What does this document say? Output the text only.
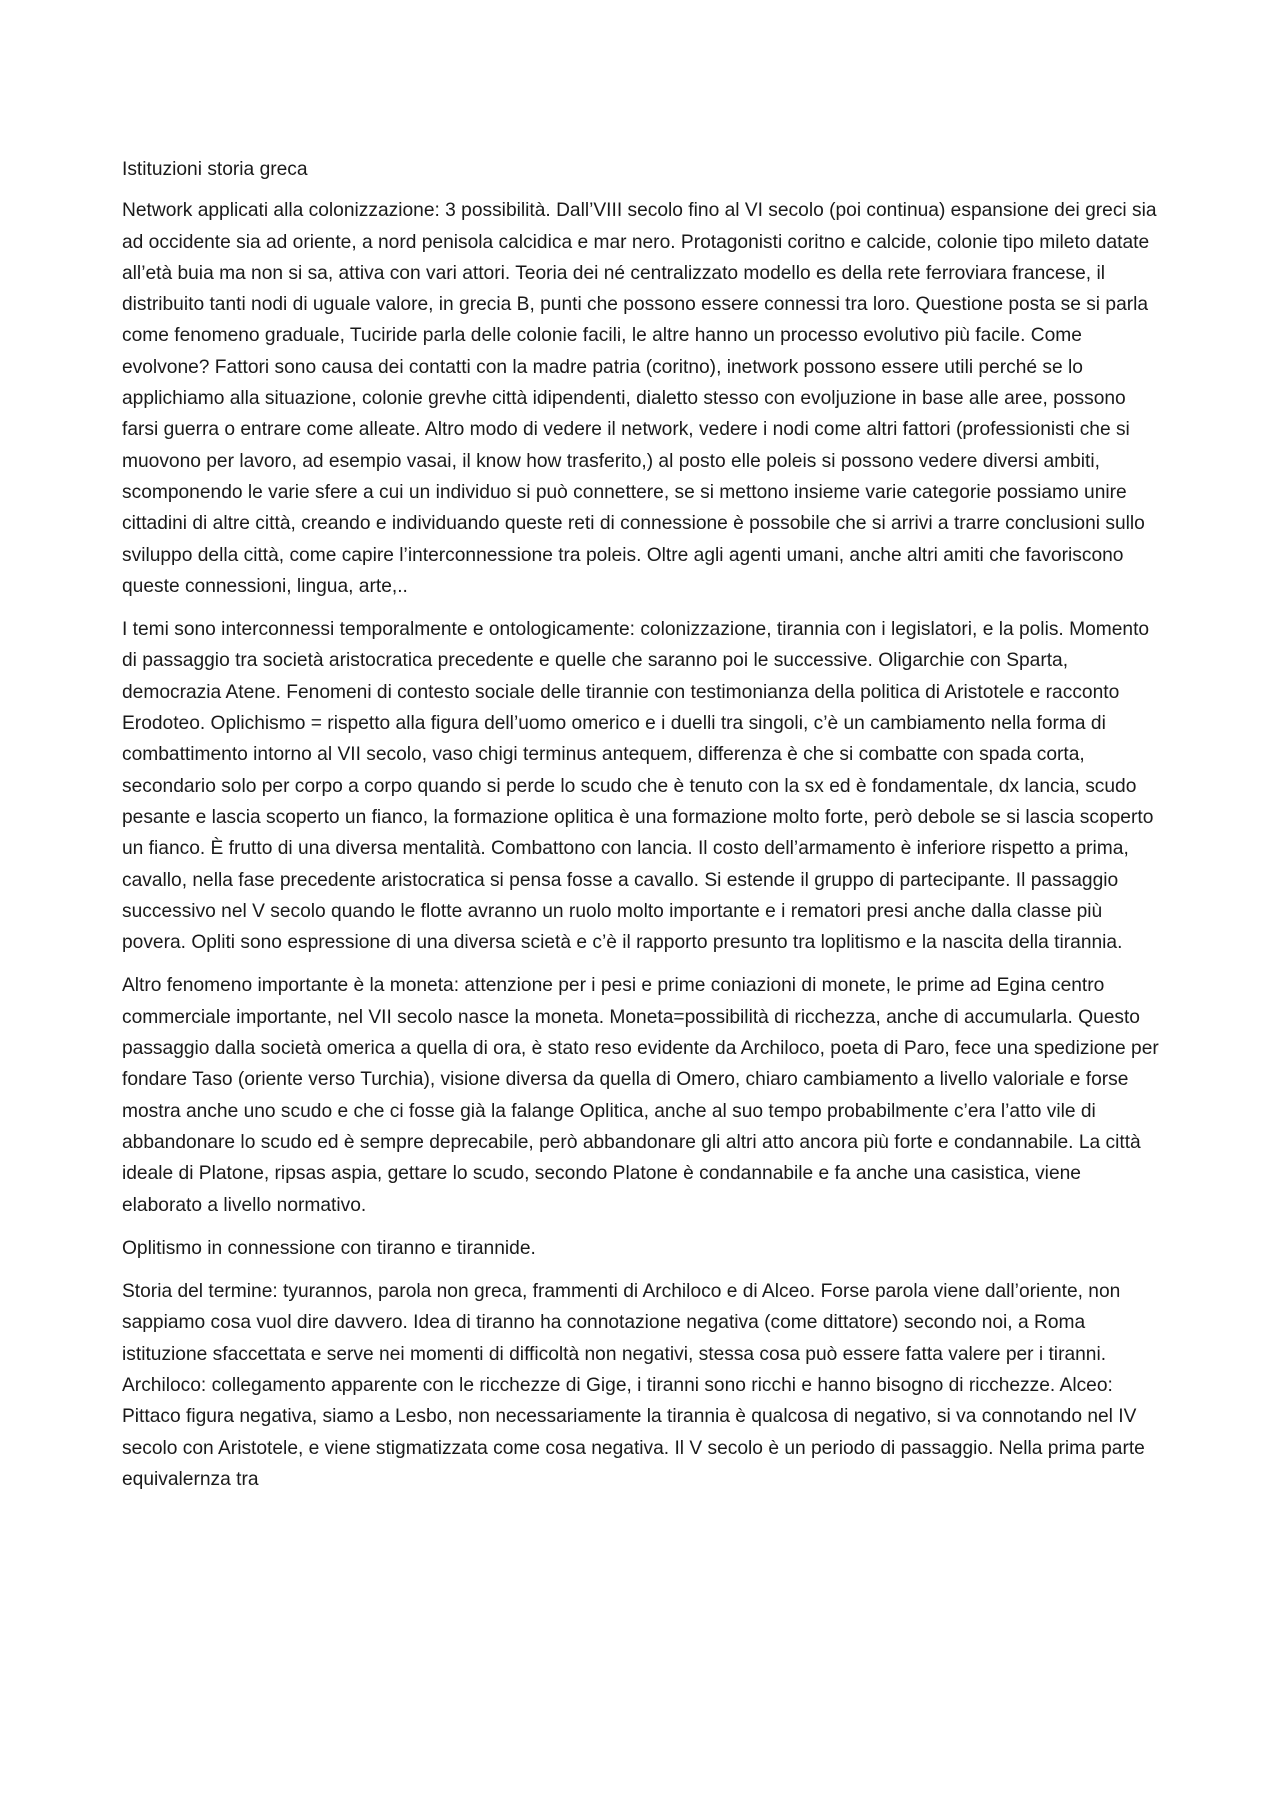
Istituzioni storia greca

Network applicati alla colonizzazione: 3 possibilità. Dall’VIII secolo fino al VI secolo (poi continua) espansione dei greci sia ad occidente sia ad oriente, a nord penisola calcidica e mar nero. Protagonisti coritno e calcide, colonie tipo mileto datate all’età buia ma non si sa, attiva con vari attori. Teoria dei né centralizzato modello es della rete ferroviara francese, il distribuito tanti nodi di uguale valore, in grecia B, punti che possono essere connessi tra loro. Questione posta se si parla come fenomeno graduale, Tuciride parla delle colonie facili, le altre hanno un processo evolutivo più facile. Come evolvone? Fattori sono causa dei contatti con la madre patria (coritno), inetwork possono essere utili perché se lo applichiamo alla situazione, colonie grevhe città idipendenti, dialetto stesso con evoljuzione in base alle aree, possono farsi guerra o entrare come alleate. Altro modo di vedere il network, vedere i nodi come altri fattori (professionisti che si muovono per lavoro, ad esempio vasai, il know how trasferito,) al posto elle poleis si possono vedere diversi ambiti, scomponendo le varie sfere a cui un individuo si può connettere, se si mettono insieme varie categorie possiamo unire cittadini di altre città, creando e individuando queste reti di connessione è possobile che si arrivi a trarre conclusioni sullo sviluppo della città, come capire l’interconnessione tra poleis. Oltre agli agenti umani, anche altri amiti che favoriscono queste connessioni, lingua, arte,..

I temi sono interconnessi temporalmente e ontologicamente: colonizzazione, tirannia con i legislatori, e la polis. Momento di passaggio tra società aristocratica precedente e quelle che saranno poi le successive. Oligarchie con Sparta, democrazia Atene. Fenomeni di contesto sociale delle tirannie con testimonianza della politica di Aristotele e racconto Erodoteo. Oplichismo = rispetto alla figura dell’uomo omerico e i duelli tra singoli, c’è un cambiamento nella forma di combattimento intorno al VII secolo, vaso chigi terminus antequem, differenza è che si combatte con spada corta, secondario solo per corpo a corpo quando si perde lo scudo che è tenuto con la sx ed è fondamentale, dx lancia, scudo pesante e lascia scoperto un fianco, la formazione oplitica è una formazione molto forte, però debole se si lascia scoperto un fianco. È frutto di una diversa mentalità. Combattono con lancia. Il costo dell’armamento è inferiore rispetto a prima, cavallo, nella fase precedente aristocratica si pensa fosse a cavallo. Si estende il gruppo di partecipante. Il passaggio successivo nel V secolo quando le flotte avranno un ruolo molto importante e i rematori presi anche dalla classe più povera. Opliti sono espressione di una diversa scietà e c’è il rapporto presunto tra loplitismo e la nascita della tirannia.

Altro fenomeno importante è la moneta: attenzione per i pesi e prime coniazioni di monete, le prime ad Egina centro commerciale importante, nel VII secolo nasce la moneta. Moneta=possibilità di ricchezza, anche di accumularla. Questo passaggio dalla società omerica a quella di ora, è stato reso evidente da Archiloco, poeta di Paro, fece una spedizione per fondare Taso (oriente verso Turchia), visione diversa da quella di Omero, chiaro cambiamento a livello valoriale e forse mostra anche uno scudo e che ci fosse già la falange Oplitica, anche al suo tempo probabilmente c’era l’atto vile di abbandonare lo scudo ed è sempre deprecabile, però abbandonare gli altri atto ancora più forte e condannabile. La città ideale di Platone, ripsas aspia, gettare lo scudo, secondo Platone è condannabile e fa anche una casistica, viene elaborato a livello normativo.

Oplitismo in connessione con tiranno e tirannide.

Storia del termine: tyurannos, parola non greca, frammenti di Archiloco e di Alceo. Forse parola viene dall’oriente, non sappiamo cosa vuol dire davvero. Idea di tiranno ha connotazione negativa (come dittatore) secondo noi, a Roma istituzione sfaccettata e serve nei momenti di difficoltà non negativi, stessa cosa può essere fatta valere per i tiranni. Archiloco: collegamento apparente con le ricchezze di Gige, i tiranni sono ricchi e hanno bisogno di ricchezze. Alceo: Pittaco figura negativa, siamo a Lesbo, non necessariamente la tirannia è qualcosa di negativo, si va connotando nel IV secolo con Aristotele, e viene stigmatizzata come cosa negativa. Il V secolo è un periodo di passaggio. Nella prima parte equivalernza tra
